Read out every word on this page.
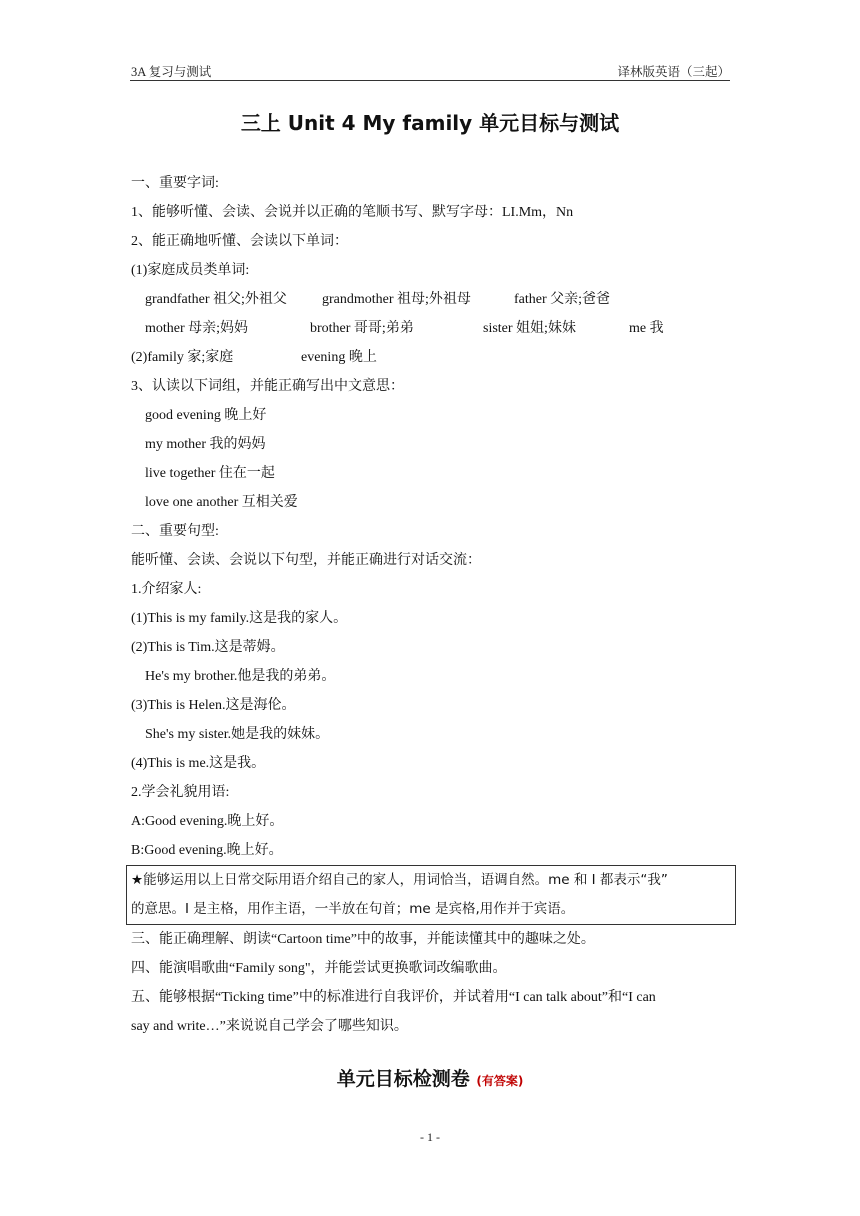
3A 复习与测试	译林版英语（三起）
三上 Unit 4 My family 单元目标与测试
一、重要字词:
1、能够听懂、会读、会说并以正确的笔顺书写、默写字母：LI.Mm，Nn
2、能正确地听懂、会读以下单词：
(1)家庭成员类单词:
grandfather 祖父;外祖父	grandmother 祖母;外祖母	father 父亲;爸爸
mother 母亲;妈妈	brother 哥哥;弟弟	sister 姐姐;妹妹	me 我
(2)family 家;家庭	evening 晚上
3、认读以下词组，并能正确写出中文意思：
good evening 晚上好
my mother 我的妈妈
live together 住在一起
love one another 互相关爱
二、重要句型:
能听懂、会读、会说以下句型，并能正确进行对话交流：
1.介绍家人:
(1)This is my family.这是我的家人。
(2)This is Tim.这是蒂姆。
He's my brother.他是我的弟弟。
(3)This is Helen.这是海伦。
She's my sister.她是我的妹妹。
(4)This is me.这是我。
2.学会礼貌用语:
A:Good evening.晚上好。
B:Good evening.晚上好。
★能够运用以上日常交际用语介绍自己的家人，用词恰当，语调自然。me 和 I 都表示“我”
的意思。I 是主格，用作主语，一半放在句首；me 是宾格,用作并于宾语。
三、能正确理解、朗读“Cartoon time”中的故事，并能读懂其中的趣味之处。
四、能演唱歌曲“Family song"，并能尝试更换歌词改编歌曲。
五、能够根据“Ticking time”中的标准进行自我评价，并试着用“I can talk about”和“I can
say and write…”来说说自己学会了哪些知识。
单元目标检测卷 (有答案)
- 1 -
